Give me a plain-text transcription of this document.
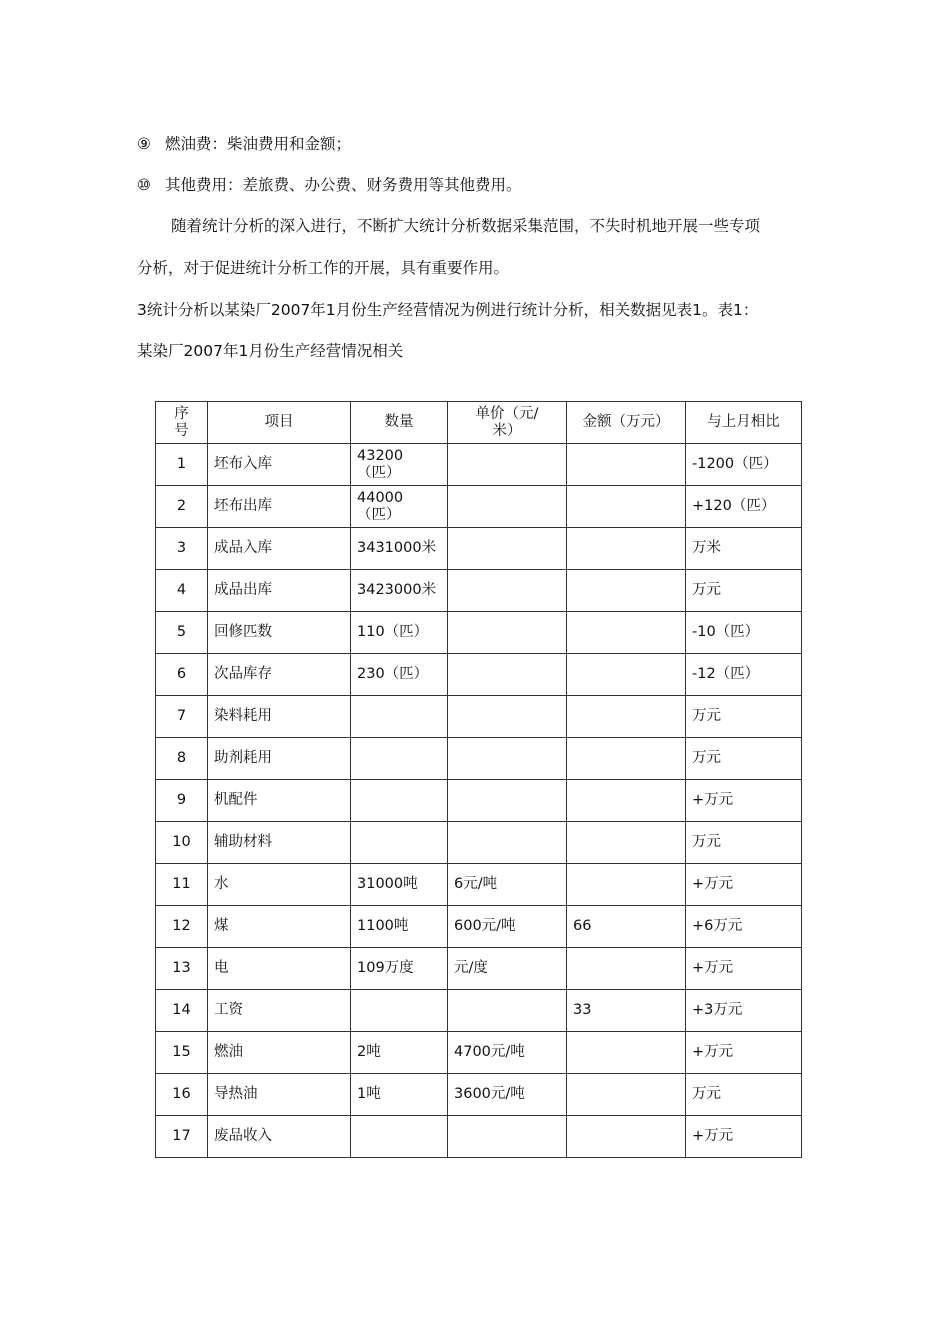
⑨ 燃油费：柴油费用和金额；
⑩ 其他费用：差旅费、办公费、财务费用等其他费用。
随着统计分析的深入进行，不断扩大统计分析数据采集范围，不失时机地开展一些专项
分析，对于促进统计分析工作的开展，具有重要作用。
3统计分析以某染厂2007年1月份生产经营情况为例进行统计分析，相关数据见表1。表1：
某染厂2007年1月份生产经营情况相关
序
号	项目	数量	单价（元/
米）	金额（万元）	与上月相比
1	坯布入库	43200
（匹）			-1200（匹）
2	坯布出库	44000
（匹）			+120（匹）
3	成品入库	3431000米			万米
4	成品出库	3423000米			万元
5	回修匹数	110（匹）			-10（匹）
6	次品库存	230（匹）			-12（匹）
7	染料耗用				万元
8	助剂耗用				万元
9	机配件				+万元
10	辅助材料				万元
11	水	31000吨	6元/吨		+万元
12	煤	1100吨	600元/吨	66	+6万元
13	电	109万度	元/度		+万元
14	工资			33	+3万元
15	燃油	2吨	4700元/吨		+万元
16	导热油	1吨	3600元/吨		万元
17	废品收入				+万元
